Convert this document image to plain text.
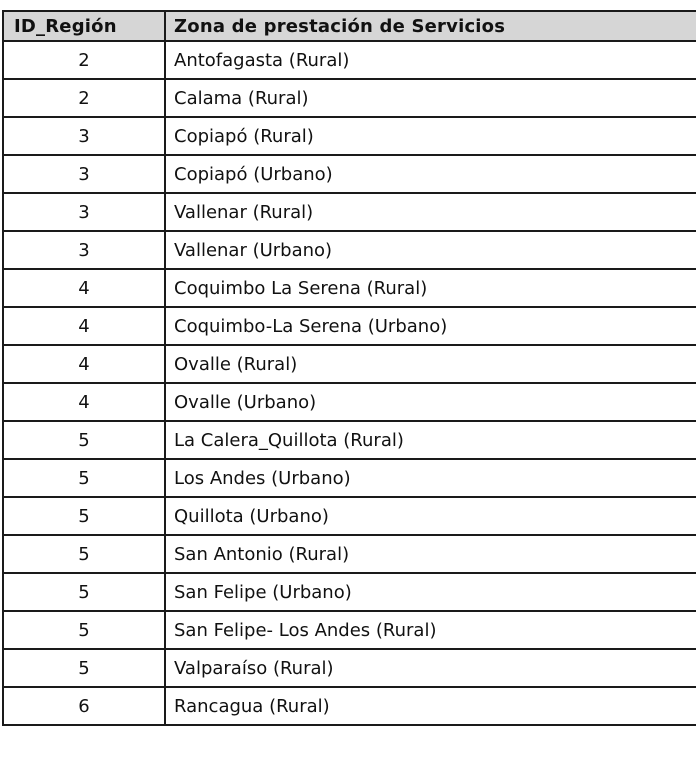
ID_Región	Zona de prestación de Servicios
2	Antofagasta (Rural)
2	Calama (Rural)
3	Copiapó (Rural)
3	Copiapó (Urbano)
3	Vallenar (Rural)
3	Vallenar (Urbano)
4	Coquimbo La Serena (Rural)
4	Coquimbo-La Serena (Urbano)
4	Ovalle (Rural)
4	Ovalle (Urbano)
5	La Calera_Quillota (Rural)
5	Los Andes (Urbano)
5	Quillota (Urbano)
5	San Antonio (Rural)
5	San Felipe (Urbano)
5	San Felipe- Los Andes (Rural)
5	Valparaíso (Rural)
6	Rancagua (Rural)
